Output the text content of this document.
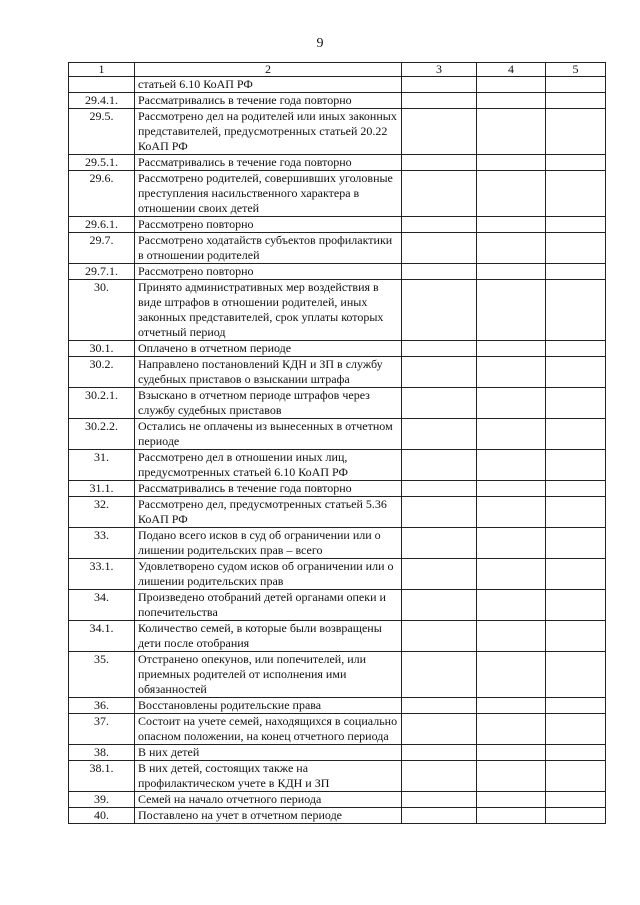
9
1	2	3	4	5
	статьей 6.10 КоАП РФ			
29.4.1.	Рассматривались в течение года повторно			
29.5.	Рассмотрено дел на родителей или иных законных представителей, предусмотренных статьей 20.22 КоАП РФ			
29.5.1.	Рассматривались в течение года повторно			
29.6.	Рассмотрено родителей, совершивших уголовные преступления насильственного характера в отношении своих детей			
29.6.1.	Рассмотрено повторно			
29.7.	Рассмотрено ходатайств субъектов профилактики в отношении родителей			
29.7.1.	Рассмотрено повторно			
30.	Принято административных мер воздействия в виде штрафов в отношении родителей, иных законных представителей, срок уплаты которых отчетный период			
30.1.	Оплачено в отчетном периоде			
30.2.	Направлено постановлений КДН и ЗП в службу судебных приставов о взыскании штрафа			
30.2.1.	Взыскано в отчетном периоде штрафов через службу судебных приставов			
30.2.2.	Остались не оплачены из вынесенных в отчетном периоде			
31.	Рассмотрено дел в отношении иных лиц, предусмотренных статьей 6.10 КоАП РФ			
31.1.	Рассматривались в течение года повторно			
32.	Рассмотрено дел, предусмотренных статьей 5.36 КоАП РФ			
33.	Подано всего исков в суд об ограничении или о лишении родительских прав – всего			
33.1.	Удовлетворено судом исков об ограничении или о лишении родительских прав			
34.	Произведено отобраний детей органами опеки и попечительства			
34.1.	Количество семей, в которые были возвращены дети после отобрания			
35.	Отстранено опекунов, или попечителей, или приемных родителей от исполнения ими обязанностей			
36.	Восстановлены родительские права			
37.	Состоит на учете семей, находящихся в социально опасном положении, на конец отчетного периода			
38.	В них детей			
38.1.	В них детей, состоящих также на профилактическом учете в КДН и ЗП			
39.	Семей на начало отчетного периода			
40.	Поставлено на учет в отчетном периоде			
